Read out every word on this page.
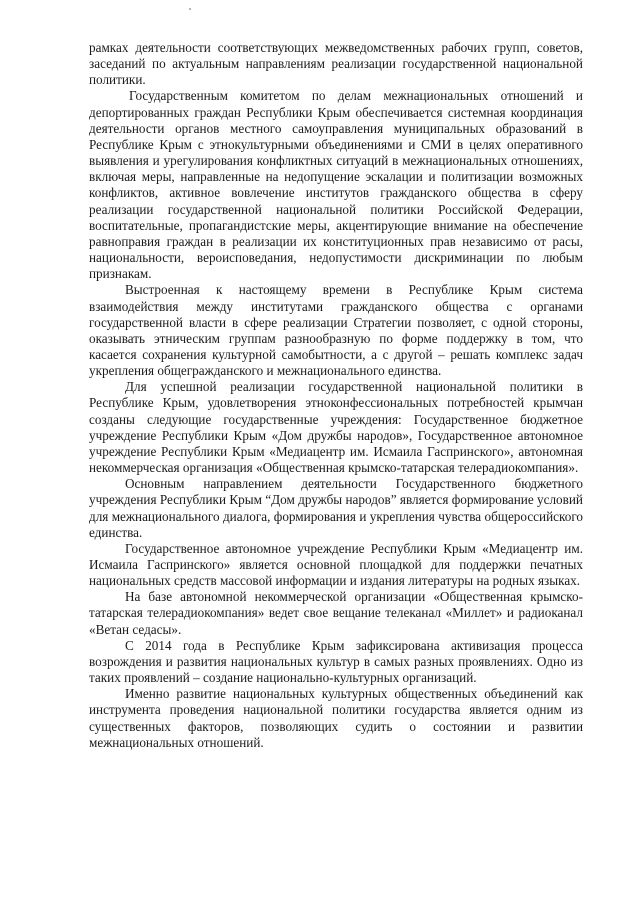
рамках деятельности соответствующих межведомственных рабочих групп, советов, заседаний по актуальным направлениям реализации государственной национальной политики.

Государственным комитетом по делам межнациональных отношений и депортированных граждан Республики Крым обеспечивается системная координация деятельности органов местного самоуправления муниципальных образований в Республике Крым с этнокультурными объединениями и СМИ в целях оперативного выявления и урегулирования конфликтных ситуаций в межнациональных отношениях, включая меры, направленные на недопущение эскалации и политизации возможных конфликтов, активное вовлечение институтов гражданского общества в сферу реализации государственной национальной политики Российской Федерации, воспитательные, пропагандистские меры, акцентирующие внимание на обеспечение равноправия граждан в реализации их конституционных прав независимо от расы, национальности, вероисповедания, недопустимости дискриминации по любым признакам.

Выстроенная к настоящему времени в Республике Крым система взаимодействия между институтами гражданского общества с органами государственной власти в сфере реализации Стратегии позволяет, с одной стороны, оказывать этническим группам разнообразную по форме поддержку в том, что касается сохранения культурной самобытности, а с другой – решать комплекс задач укрепления общегражданского и межнационального единства.

Для успешной реализации государственной национальной политики в Республике Крым, удовлетворения этноконфессиональных потребностей крымчан созданы следующие государственные учреждения: Государственное бюджетное учреждение Республики Крым «Дом дружбы народов», Государственное автономное учреждение Республики Крым «Медиацентр им. Исмаила Гаспринского», автономная некоммерческая организация «Общественная крымско-татарская телерадиокомпания».

Основным направлением деятельности Государственного бюджетного учреждения Республики Крым “Дом дружбы народов” является формирование условий для межнационального диалога, формирования и укрепления чувства общероссийского единства.

Государственное автономное учреждение Республики Крым «Медиацентр им. Исмаила Гаспринского» является основной площадкой для поддержки печатных национальных средств массовой информации и издания литературы на родных языках.

На базе автономной некоммерческой организации «Общественная крымско-татарская телерадиокомпания» ведет свое вещание телеканал «Миллет» и радиоканал «Ветан седасы».

С 2014 года в Республике Крым зафиксирована активизация процесса возрождения и развития национальных культур в самых разных проявлениях. Одно из таких проявлений – создание национально-культурных организаций.

Именно развитие национальных культурных общественных объединений как инструмента проведения национальной политики государства является одним из существенных факторов, позволяющих судить о состоянии и развитии межнациональных отношений.
